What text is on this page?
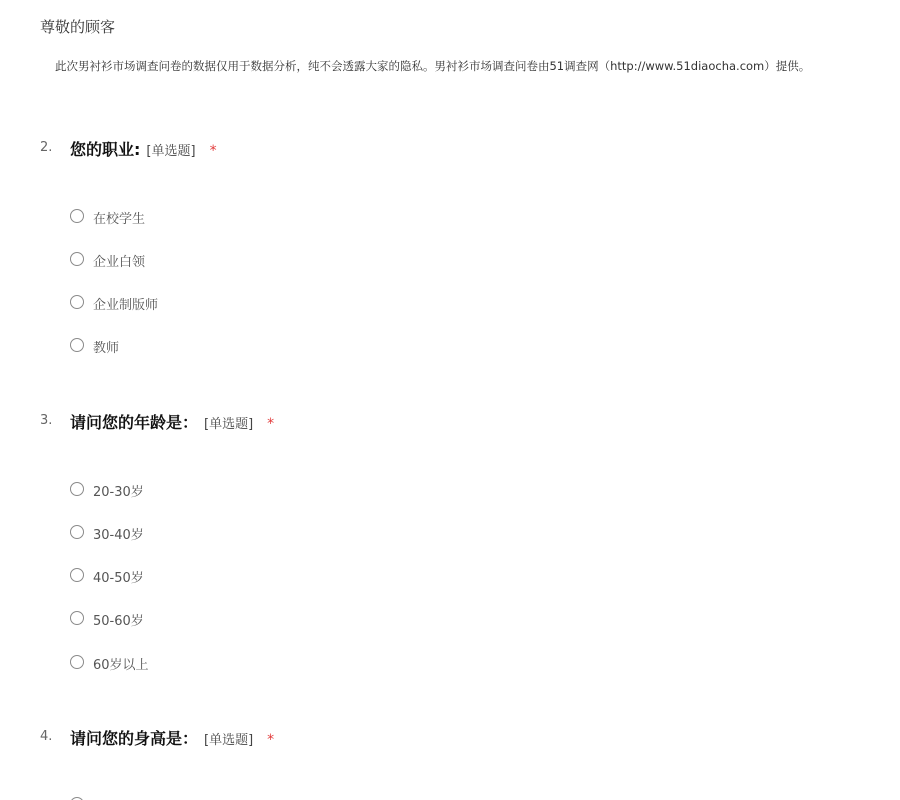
尊敬的顾客
此次男衬衫市场调查问卷的数据仅用于数据分析，纯不会透露大家的隐私。男衬衫市场调查问卷由51调查网（http://www.51diaocha.com）提供。
2. 您的职业: [单选题] *
在校学生
企业白领
企业制版师
教师
3. 请问您的年龄是： [单选题] *
20-30岁
30-40岁
40-50岁
50-60岁
60岁以上
4. 请问您的身高是： [单选题] *
